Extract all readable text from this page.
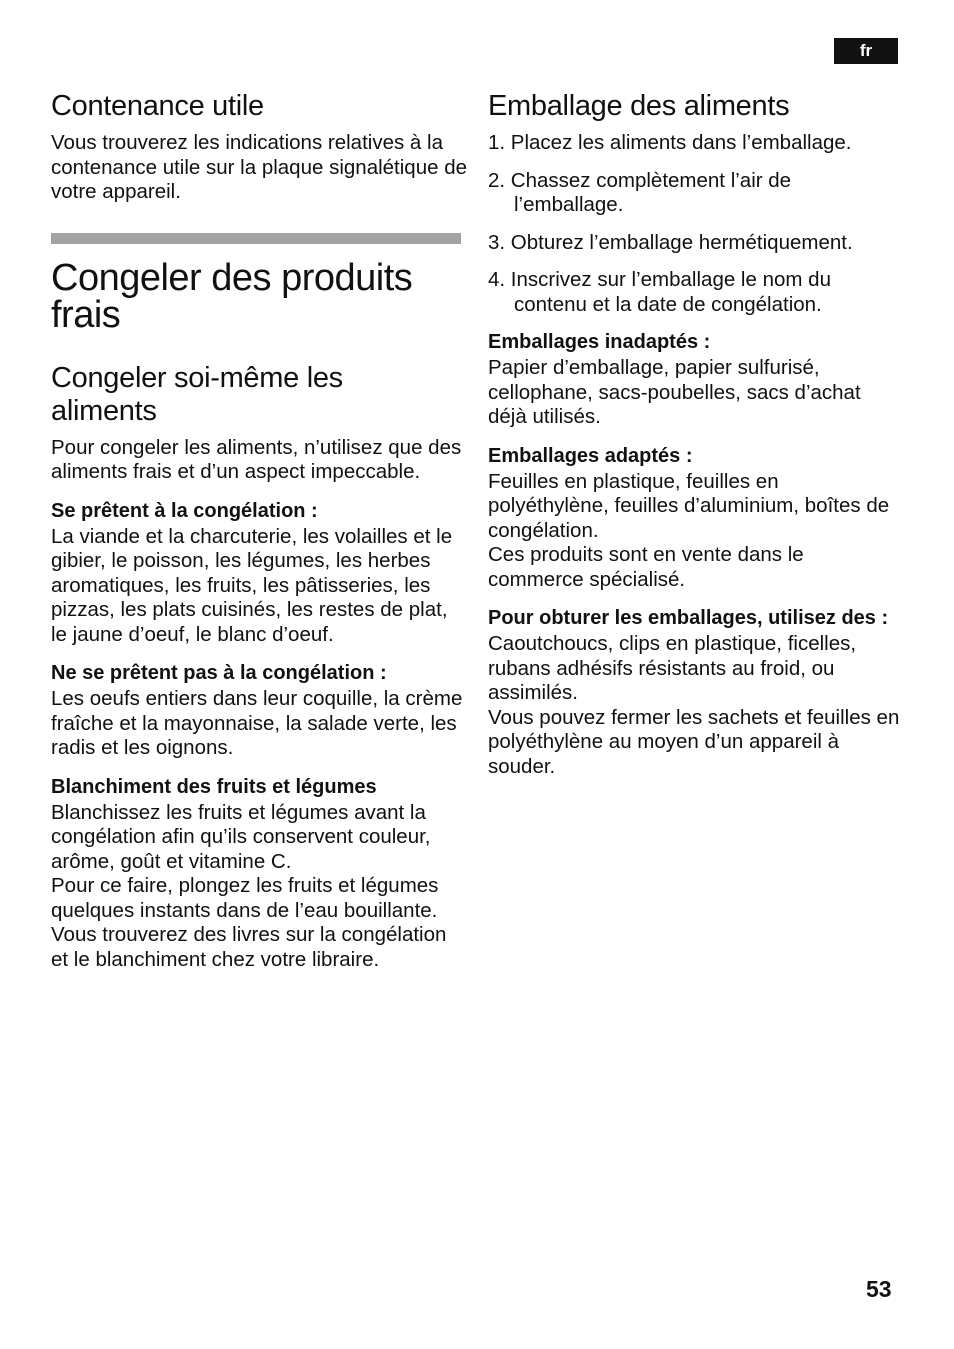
fr
Contenance utile

Vous trouverez les indications relatives à la contenance utile sur la plaque signalétique de votre appareil.

Congeler des produits
frais
Congeler soi-même les
aliments

Pour congeler les aliments, n’utilisez que des aliments frais et d’un aspect impeccable.

Se prêtent à la congélation :

La viande et la charcuterie, les volailles et le gibier, le poisson, les légumes, les herbes aromatiques, les fruits, les pâtisseries, les pizzas, les plats cuisinés, les restes de plat, le jaune d’oeuf, le blanc d’oeuf.

Ne se prêtent pas à la congélation :

Les oeufs entiers dans leur coquille, la crème fraîche et la mayonnaise, la salade verte, les radis et les oignons.

Blanchiment des fruits et légumes

Blanchissez les fruits et légumes avant la congélation afin qu’ils conservent couleur, arôme, goût et vitamine C.

Pour ce faire, plongez les fruits et légumes quelques instants dans de l’eau bouillante.

Vous trouverez des livres sur la congélation et le blanchiment chez votre libraire.

Emballage des aliments
1. Placez les aliments dans l’emballage.
2. Chassez complètement l’air de l’emballage.
3. Obturez l’emballage hermétiquement.
4. Inscrivez sur l’emballage le nom du contenu et la date de congélation.
Emballages inadaptés :

Papier d’emballage, papier sulfurisé, cellophane, sacs-poubelles, sacs d’achat déjà utilisés.

Emballages adaptés :

Feuilles en plastique, feuilles en polyéthylène, feuilles d’aluminium, boîtes de congélation.

Ces produits sont en vente dans le commerce spécialisé.

Pour obturer les emballages, utilisez des :

Caoutchoucs, clips en plastique, ficelles, rubans adhésifs résistants au froid, ou assimilés.

Vous pouvez fermer les sachets et feuilles en polyéthylène au moyen d’un appareil à souder.

53
